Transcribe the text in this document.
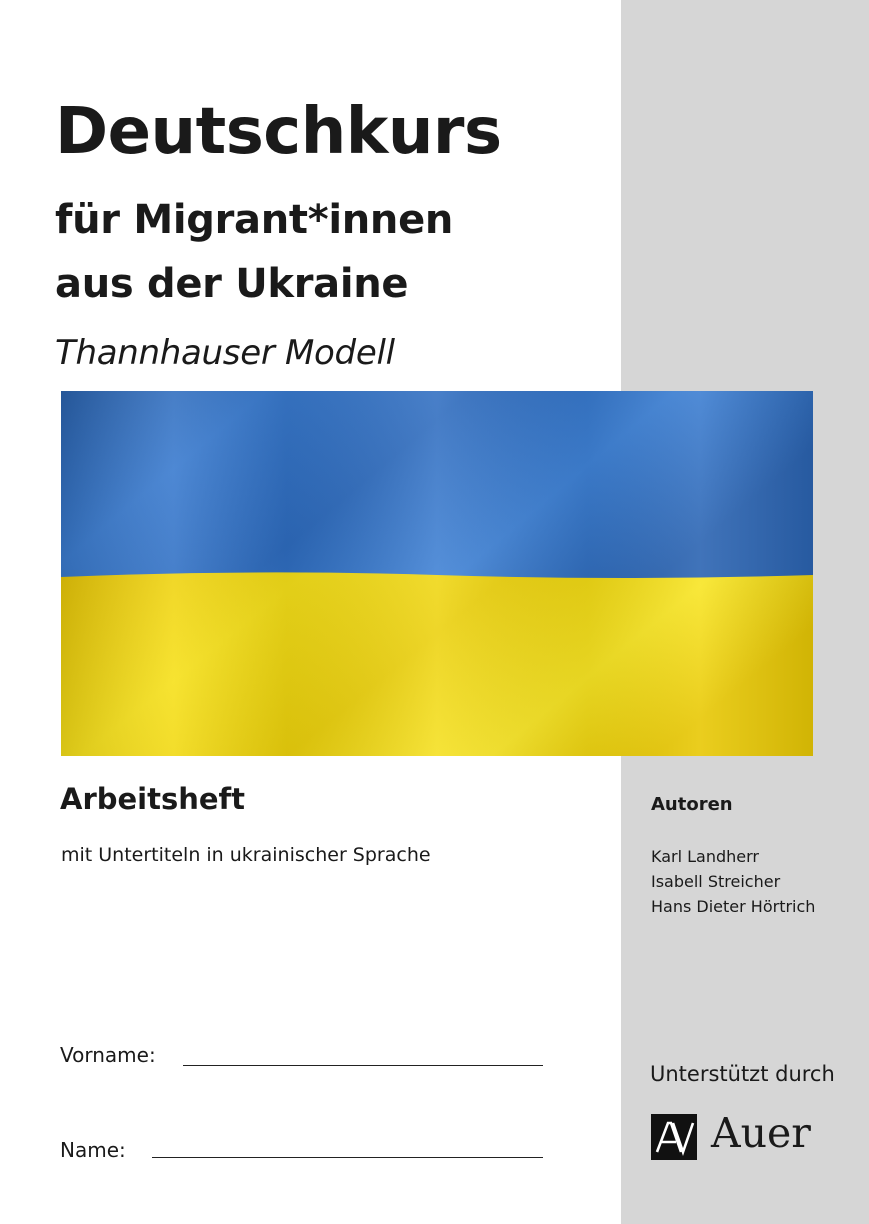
Deutschkurs
für Migrant*innen
aus der Ukraine
Thannhauser Modell
Arbeitsheft
mit Untertiteln in ukrainischer Sprache
Autoren
Karl Landherr
Isabell Streicher
Hans Dieter Hörtrich
Vorname:
Name:
Unterstützt durch
Auer
